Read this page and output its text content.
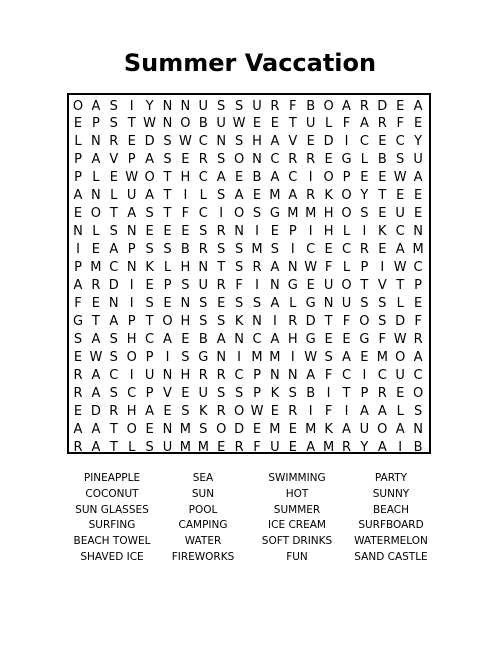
Summer Vaccation
O A S I Y N N U S S U R F B O A R D E A
E P S T W N O B U W E E T U L F A R F E
L N R E D S W C N S H A V E D I C E C Y
P A V P A S E R S O N C R R E G L B S U
P L E W O T H C A E B A C I O P E E W A
A N L U A T I L S A E M A R K O Y T E E
E O T A S T F C I O S G M M H O S E U E
N L S N E E E S R N I E P I H L I K C N
I E A P S S B R S S M S I C E C R E A M
P M C N K L H N T S R A N W F L P I W C
A R D I E P S U R F I N G E U O T V T P
F E N I S E N S E S S A L G N U S S L E
G T A P T O H S S K N I R D T F O S D F
S A S H C A E B A N C A H G E E G F W R
E W S O P I S G N I M M I W S A E M O A
R A C I U N H R R C P N N A F C I C U C
R A S C P V E U S S P K S B I T P R E O
E D R H A E S K R O W E R I F I A A L S
A A T O E N M S O D E M E M K A U O A N
R A T L S U M M E R F U E A M R Y A I B
PINEAPPLE
COCONUT
SUN GLASSES
SURFING
BEACH TOWEL
SHAVED ICE
SEA
SUN
POOL
CAMPING
WATER
FIREWORKS
SWIMMING
HOT
SUMMER
ICE CREAM
SOFT DRINKS
FUN
PARTY
SUNNY
BEACH
SURFBOARD
WATERMELON
SAND CASTLE
